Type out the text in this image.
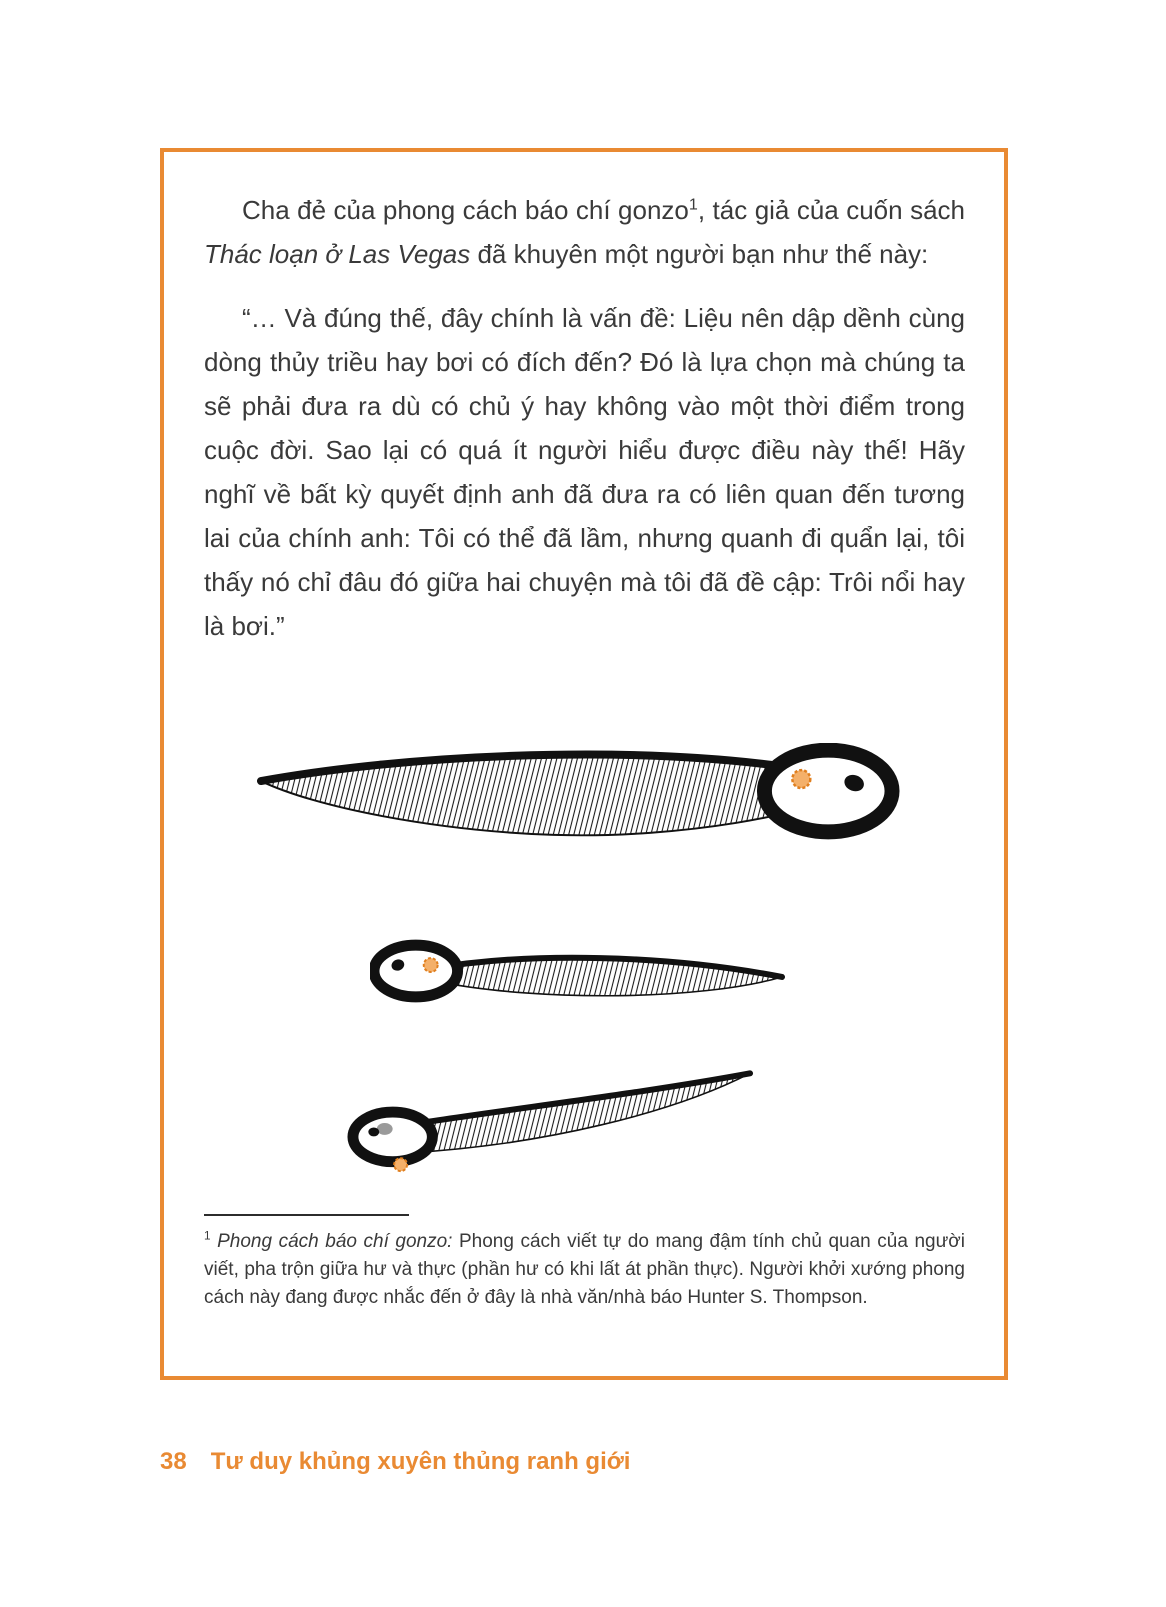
Cha đẻ của phong cách báo chí gonzo$^1$, tác giả của cuốn sách Thác loạn ở Las Vegas đã khuyên một người bạn như thế này:

“… Và đúng thế, đây chính là vấn đề: Liệu nên dập dềnh cùng dòng thủy triều hay bơi có đích đến? Đó là lựa chọn mà chúng ta sẽ phải đưa ra dù có chủ ý hay không vào một thời điểm trong cuộc đời. Sao lại có quá ít người hiểu được điều này thế! Hãy nghĩ về bất kỳ quyết định anh đã đưa ra có liên quan đến tương lai của chính anh: Tôi có thể đã lầm, nhưng quanh đi quẩn lại, tôi thấy nó chỉ đâu đó giữa hai chuyện mà tôi đã đề cập: Trôi nổi hay là bơi.”

$^1$ Phong cách báo chí gonzo: Phong cách viết tự do mang đậm tính chủ quan của người viết, pha trộn giữa hư và thực (phần hư có khi lất át phần thực). Người khởi xướng phong cách này đang được nhắc đến ở đây là nhà văn/nhà báo Hunter S. Thompson.

38 Tư duy khủng xuyên thủng ranh giới
